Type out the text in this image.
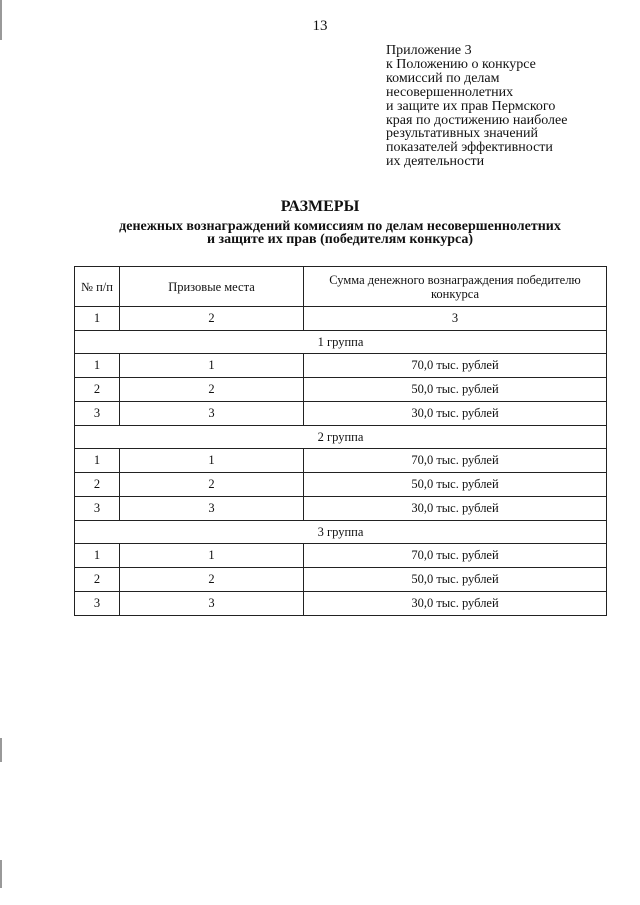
13
Приложение 3
к Положению о конкурсе
комиссий по делам
несовершеннолетних
и защите их прав Пермского
края по достижению наиболее
результативных значений
показателей эффективности
их деятельности
РАЗМЕРЫ
денежных вознаграждений комиссиям по делам несовершеннолетних
и защите их прав (победителям конкурса)
№ п/п	Призовые места	Сумма денежного вознаграждения победителю конкурса
1	2	3
1 группа		
1	1	70,0 тыс. рублей
2	2	50,0 тыс. рублей
3	3	30,0 тыс. рублей
2 группа		
1	1	70,0 тыс. рублей
2	2	50,0 тыс. рублей
3	3	30,0 тыс. рублей
3 группа		
1	1	70,0 тыс. рублей
2	2	50,0 тыс. рублей
3	3	30,0 тыс. рублей
